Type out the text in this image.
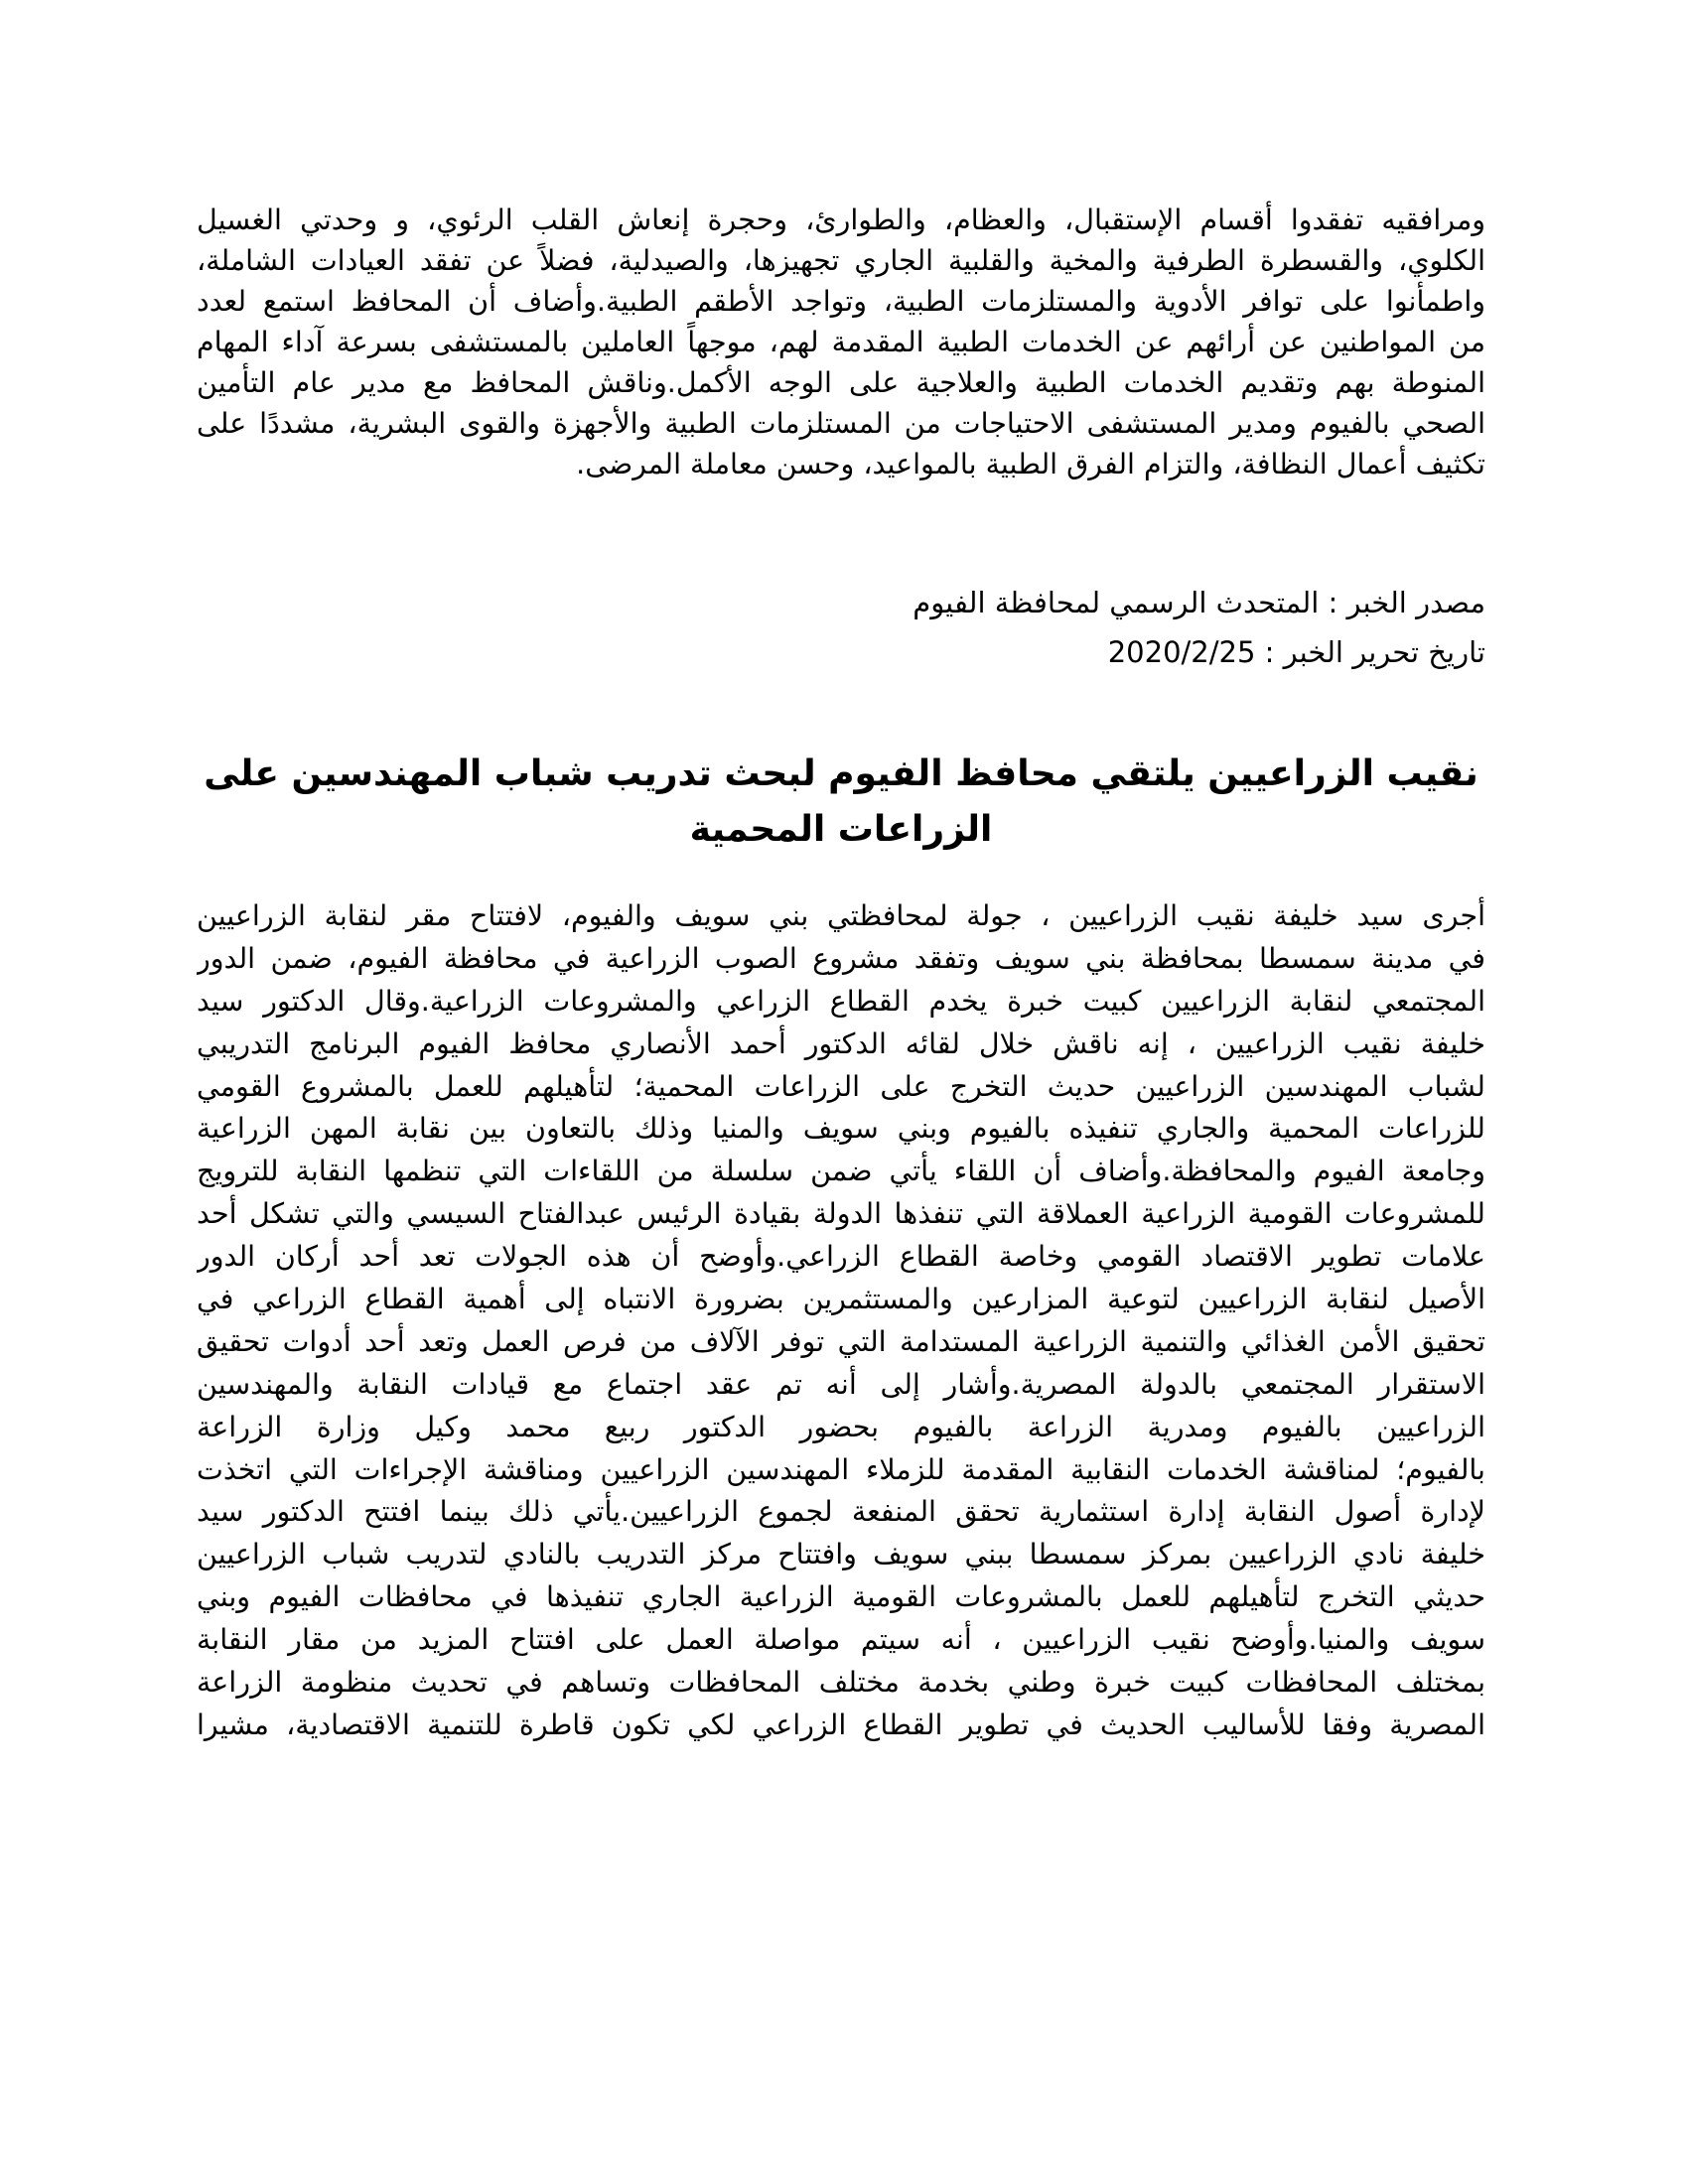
ومرافقيه تفقدوا أقسام الإستقبال، والعظام، والطوارئ، وحجرة إنعاش القلب الرئوي، و وحدتي الغسيل
الكلوي، والقسطرة الطرفية والمخية والقلبية الجاري تجهيزها، والصيدلية، فضلاً عن تفقد العيادات الشاملة،
واطمأنوا على توافر الأدوية والمستلزمات الطبية، وتواجد الأطقم الطبية.وأضاف أن المحافظ استمع لعدد
من المواطنين عن أرائهم عن الخدمات الطبية المقدمة لهم، موجهاً العاملين بالمستشفى بسرعة آداء المهام
المنوطة بهم وتقديم الخدمات الطبية والعلاجية على الوجه الأكمل.وناقش المحافظ مع مدير عام التأمين
الصحي بالفيوم ومدير المستشفى الاحتياجات من المستلزمات الطبية والأجهزة والقوى البشرية، مشددًا على
تكثيف أعمال النظافة، والتزام الفرق الطبية بالمواعيد، وحسن معاملة المرضى.
مصدر الخبر : المتحدث الرسمي لمحافظة الفيوم
تاريخ تحرير الخبر : 2020/2/25
نقيب الزراعيين يلتقي محافظ الفيوم لبحث تدريب شباب المهندسين على
الزراعات المحمية
أجرى سيد خليفة نقيب الزراعيين ، جولة لمحافظتي بني سويف والفيوم، لافتتاح مقر لنقابة الزراعيين
في مدينة سمسطا بمحافظة بني سويف وتفقد مشروع الصوب الزراعية في محافظة الفيوم، ضمن الدور
المجتمعي لنقابة الزراعيين كبيت خبرة يخدم القطاع الزراعي والمشروعات الزراعية.وقال الدكتور سيد
خليفة نقيب الزراعيين ، إنه ناقش خلال لقائه الدكتور أحمد الأنصاري محافظ الفيوم البرنامج التدريبي
لشباب المهندسين الزراعيين حديث التخرج على الزراعات المحمية؛ لتأهيلهم للعمل بالمشروع القومي
للزراعات المحمية والجاري تنفيذه بالفيوم وبني سويف والمنيا وذلك بالتعاون بين نقابة المهن الزراعية
وجامعة الفيوم والمحافظة.وأضاف أن اللقاء يأتي ضمن سلسلة من اللقاءات التي تنظمها النقابة للترويج
للمشروعات القومية الزراعية العملاقة التي تنفذها الدولة بقيادة الرئيس عبدالفتاح السيسي والتي تشكل أحد
علامات تطوير الاقتصاد القومي وخاصة القطاع الزراعي.وأوضح أن هذه الجولات تعد أحد أركان الدور
الأصيل لنقابة الزراعيين لتوعية المزارعين والمستثمرين بضرورة الانتباه إلى أهمية القطاع الزراعي في
تحقيق الأمن الغذائي والتنمية الزراعية المستدامة التي توفر الآلاف من فرص العمل وتعد أحد أدوات تحقيق
الاستقرار المجتمعي بالدولة المصرية.وأشار إلى أنه تم عقد اجتماع مع قيادات النقابة والمهندسين
الزراعيين بالفيوم ومدرية الزراعة بالفيوم بحضور الدكتور ربيع محمد وكيل وزارة الزراعة
بالفيوم؛ لمناقشة الخدمات النقابية المقدمة للزملاء المهندسين الزراعيين ومناقشة الإجراءات التي اتخذت
لإدارة أصول النقابة إدارة استثمارية تحقق المنفعة لجموع الزراعيين.يأتي ذلك بينما افتتح الدكتور سيد
خليفة نادي الزراعيين بمركز سمسطا ببني سويف وافتتاح مركز التدريب بالنادي لتدريب شباب الزراعيين
حديثي التخرج لتأهيلهم للعمل بالمشروعات القومية الزراعية الجاري تنفيذها في محافظات الفيوم وبني
سويف والمنيا.وأوضح نقيب الزراعيين ، أنه سيتم مواصلة العمل على افتتاح المزيد من مقار النقابة
بمختلف المحافظات كبيت خبرة وطني بخدمة مختلف المحافظات وتساهم في تحديث منظومة الزراعة
المصرية وفقا للأساليب الحديث في تطوير القطاع الزراعي لكي تكون قاطرة للتنمية الاقتصادية، مشيرا
